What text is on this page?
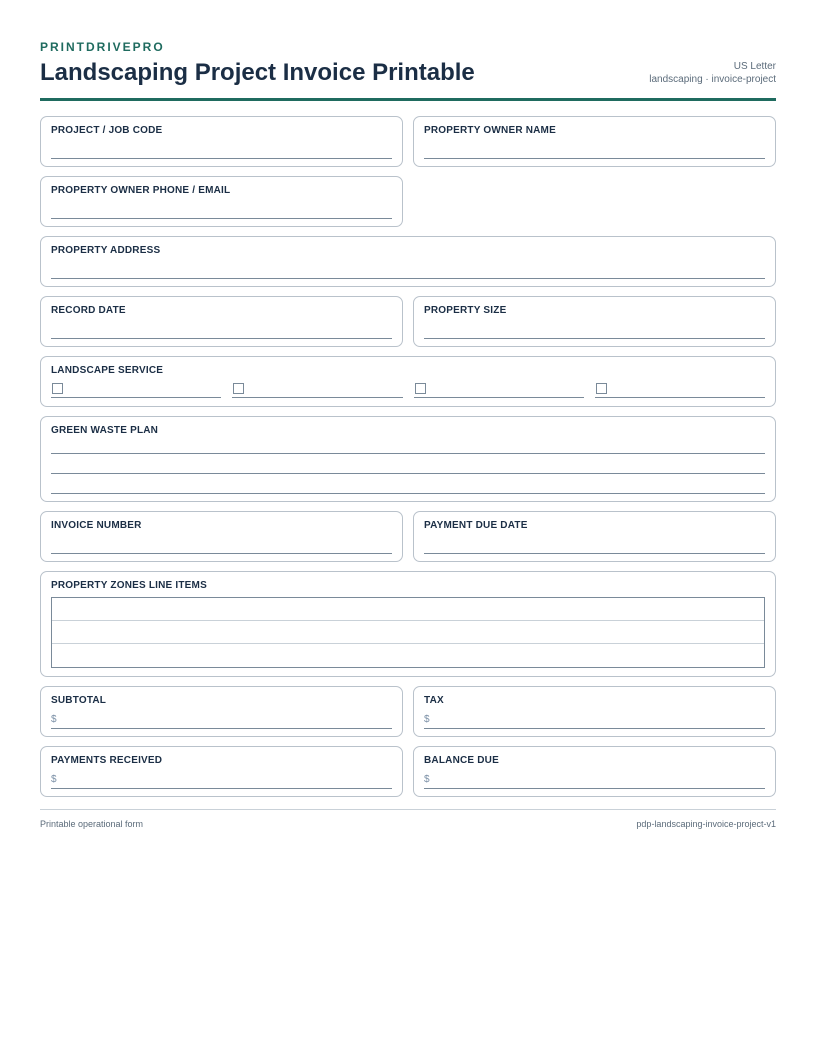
PRINTDRIVEPRO
Landscaping Project Invoice Printable	US Letter
landscaping · invoice-project
PROJECT / JOB CODE	PROPERTY OWNER NAME
PROPERTY OWNER PHONE / EMAIL
PROPERTY ADDRESS
RECORD DATE	PROPERTY SIZE
LANDSCAPE SERVICE
GREEN WASTE PLAN
INVOICE NUMBER	PAYMENT DUE DATE
PROPERTY ZONES LINE ITEMS
SUBTOTAL
$
TAX
$
PAYMENTS RECEIVED
$
BALANCE DUE
$
Printable operational form	pdp-landscaping-invoice-project-v1
